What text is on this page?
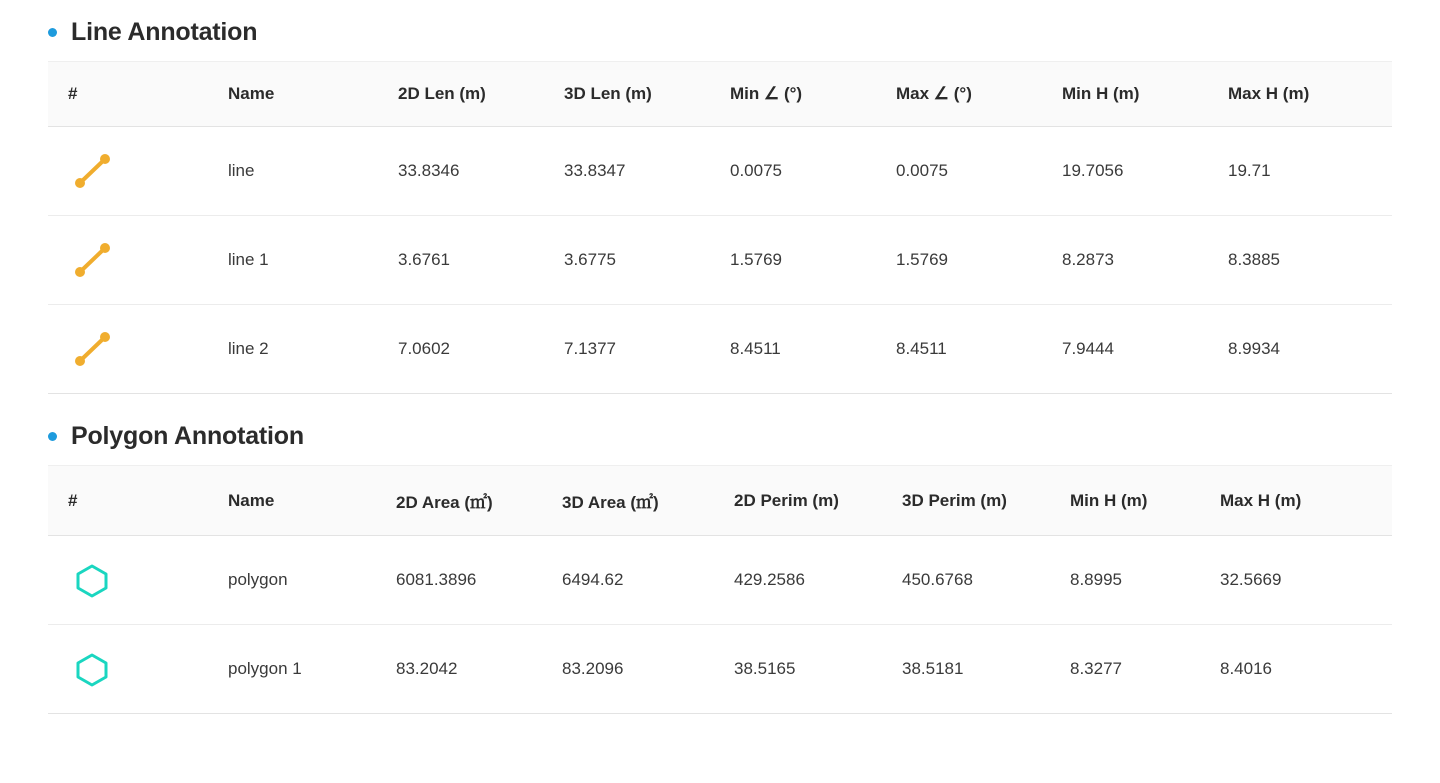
Line Annotation
#	Name	2D Len (m)	3D Len (m)	Min ∠ (°)	Max ∠ (°)	Min H (m)	Max H (m)
	line	33.8346	33.8347	0.0075	0.0075	19.7056	19.71
	line 1	3.6761	3.6775	1.5769	1.5769	8.2873	8.3885
	line 2	7.0602	7.1377	8.4511	8.4511	7.9444	8.9934
Polygon Annotation
#	Name	2D Area (㎡)	3D Area (㎡)	2D Perim (m)	3D Perim (m)	Min H (m)	Max H (m)
	polygon	6081.3896	6494.62	429.2586	450.6768	8.8995	32.5669
	polygon 1	83.2042	83.2096	38.5165	38.5181	8.3277	8.4016
